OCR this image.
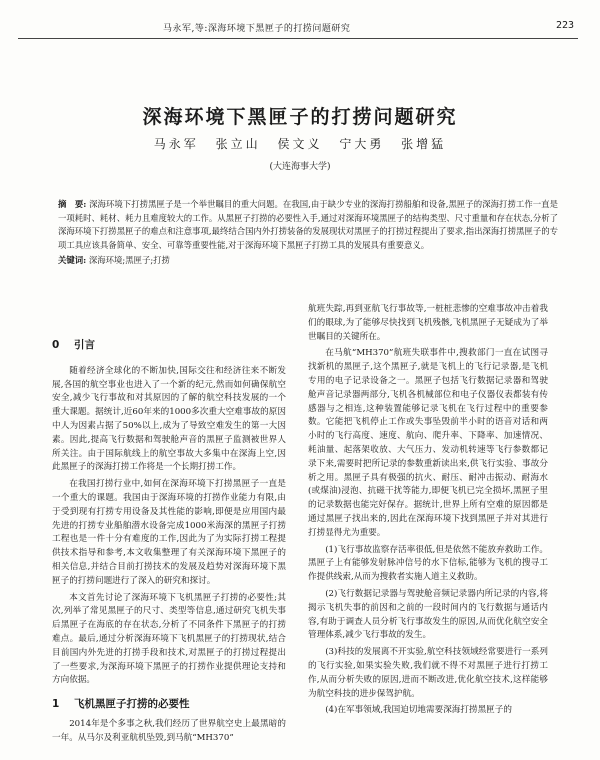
马永军,等:深海环境下黑匣子的打捞问题研究	223
深海环境下黑匣子的打捞问题研究
马永军 张立山 侯文义 宁大勇 张增猛
(大连海事大学)
摘　要: 深海环境下打捞黑匣子是一个举世瞩目的重大问题。在我国,由于缺少专业的深海打捞船舶和设备,黑匣子的深海打捞工作一直是一项耗时、耗材、耗力且难度较大的工作。从黑匣子打捞的必要性入手,通过对深海环境黑匣子的结构类型、尺寸重量和存在状态,分析了深海环境下打捞黑匣子的难点和注意事项,最终结合国内外打捞装备的发展现状对黑匣子的打捞过程提出了要求,指出深海打捞黑匣子的专项工具应该具备简单、安全、可靠等重要性能,对于深海环境下黑匣子打捞工具的发展具有重要意义。
关键词: 深海环境;黑匣子;打捞
0 引言

随着经济全球化的不断加快,国际交往和经济往来不断发展,各国的航空事业也进入了一个新的纪元,然而如何确保航空安全,减少飞行事故和对其原因的了解的航空科技发展的一个重大课题。据统计,近60年来的1000多次重大空难事故的原因中人为因素占据了50%以上,成为了导致空难发生的第一大因素。因此,提高飞行数据和驾驶舱声音的黑匣子监测被世界人所关注。由于国际航线上的航空事故大多集中在深海上空,因此黑匣子的深海打捞工作将是一个长期打捞工作。

在我国打捞行业中,如何在深海环境下打捞黑匣子一直是一个重大的课题。我国由于深海环境的打捞作业能力有限,由于受到现有打捞专用设备及其性能的影响,即便是应用国内最先进的打捞专业船舶潜水设备完成1000米海深的黑匣子打捞工程也是一件十分有难度的工作,因此为了为实际打捞工程提供技术指导和参考,本文收集整理了有关深海环境下黑匣子的相关信息,并结合目前打捞技术的发展及趋势对深海环境下黑匣子的打捞问题进行了深入的研究和探讨。

本文首先讨论了深海环境下飞机黑匣子打捞的必要性;其次,列举了常见黑匣子的尺寸、类型等信息,通过研究飞机失事后黑匣子在海底的存在状态,分析了不同条件下黑匣子的打捞难点。最后,通过分析深海环境下飞机黑匣子的打捞现状,结合目前国内外先进的打捞手段和技术,对黑匣子的打捞过程提出了一些要求,为深海环境下黑匣子的打捞作业提供理论支持和方向依据。

1 飞机黑匣子打捞的必要性

2014年是个多事之秋,我们经历了世界航空史上最黑暗的一年。从马尔及利亚航机坠毁,到马航“MH370”

航班失踪,再到亚航飞行事故等,一桩桩悲惨的空难事故冲击着我们的眼球,为了能够尽快找到飞机残骸,飞机黑匣子无疑成为了举世瞩目的关键所在。

在马航“MH370”航班失联事件中,搜救部门一直在试图寻找新机的黑匣子,这个黑匣子,就是飞机上的飞行记录器,是飞机专用的电子记录设备之一。黑匣子包括飞行数据记录器和驾驶舱声音记录器两部分,飞机各机械部位和电子仪器仪表都装有传感器与之相连,这种装置能够记录飞机在飞行过程中的重要参数。它能把飞机停止工作或失事坠毁前半小时的语音对话和两小时的飞行高度、速度、航向、爬升率、下降率、加速情况、耗油量、起落架收放、大气压力、发动机转速等飞行参数都记录下来,需要时把所记录的参数重新读出来,供飞行实验、事故分析之用。黑匣子具有极强的抗火、耐压、耐冲击振动、耐海水(或煤油)浸泡、抗磁干扰等能力,即便飞机已完全损坏,黑匣子里的记录数据也能完好保存。据统计,世界上所有空难的原因都是通过黑匣子找出来的,因此在深海环境下找到黑匣子并对其进行打捞显得尤为重要。

(1)飞行事故监察存活率很低,但是依然不能放弃救助工作。黑匣子上有能够发射脉冲信号的水下信标,能够为飞机的搜寻工作提供线索,从而为搜救者实施人道主义救助。

(2)飞行数据记录器与驾驶舱音频记录器内所记录的内容,将揭示飞机失事的前因和之前的一段时间内的飞行数据与通话内容,有助于调查人员分析飞行事故发生的原因,从而优化航空安全管理体系,减少飞行事故的发生。

(3)科技的发展离不开实验,航空科技领域经常要进行一系列的飞行实验,如果实验失败,我们就不得不对黑匣子进行打捞工作,从而分析失败的原因,进而不断改进,优化航空技术,这样能够为航空科技的进步保驾护航。

(4)在军事领域,我国迫切地需要深海打捞黑匣子的
